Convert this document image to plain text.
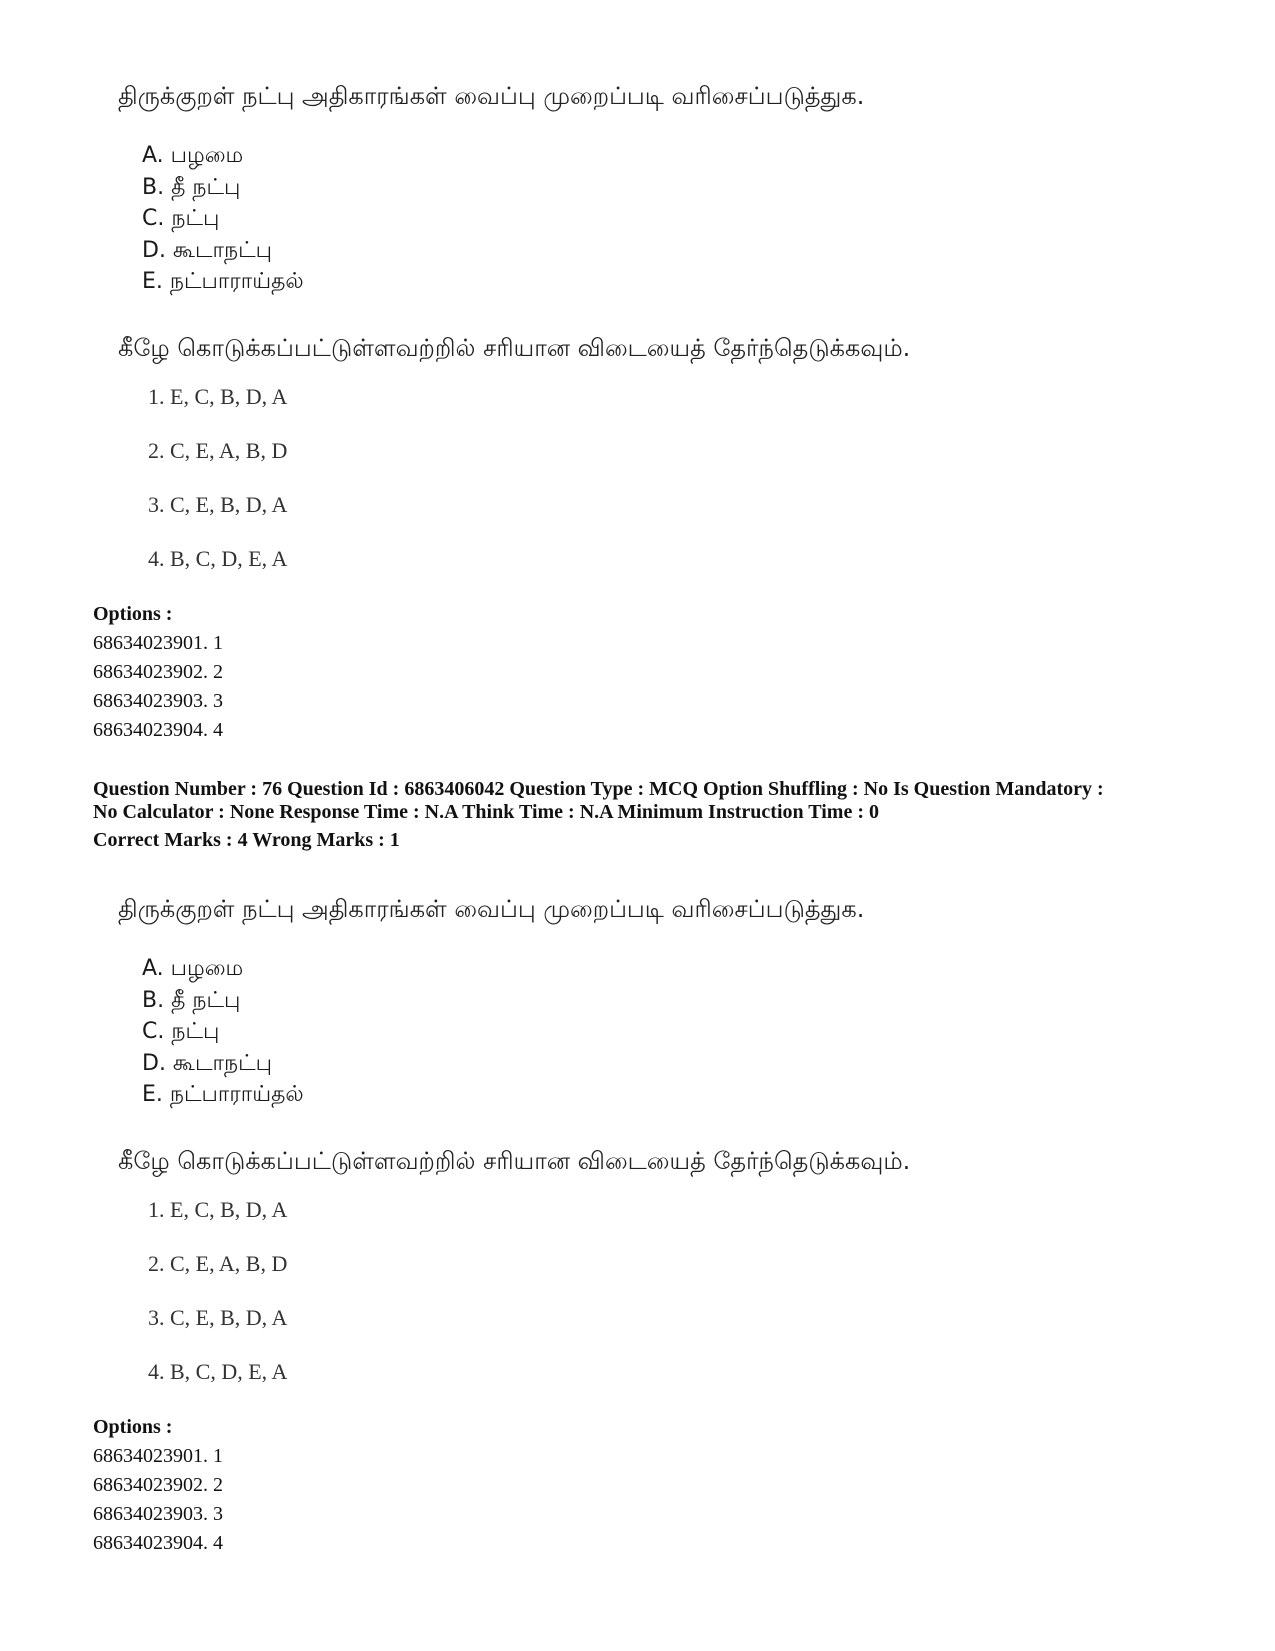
திருக்குறள் நட்பு அதிகாரங்கள் வைப்பு முறைப்படி வரிசைப்படுத்துக.
A. பழமை
B. தீ நட்பு
C. நட்பு
D. கூடாநட்பு
E. நட்பாராய்தல்
கீழே கொடுக்கப்பட்டுள்ளவற்றில் சரியான விடையைத் தேர்ந்தெடுக்கவும்.
1. E, C, B, D, A
2. C, E, A, B, D
3. C, E, B, D, A
4. B, C, D, E, A
Options :
68634023901. 1
68634023902. 2
68634023903. 3
68634023904. 4
Question Number : 76 Question Id : 6863406042 Question Type : MCQ Option Shuffling : No Is Question Mandatory :
No Calculator : None Response Time : N.A Think Time : N.A Minimum Instruction Time : 0
Correct Marks : 4 Wrong Marks : 1
திருக்குறள் நட்பு அதிகாரங்கள் வைப்பு முறைப்படி வரிசைப்படுத்துக.
A. பழமை
B. தீ நட்பு
C. நட்பு
D. கூடாநட்பு
E. நட்பாராய்தல்
கீழே கொடுக்கப்பட்டுள்ளவற்றில் சரியான விடையைத் தேர்ந்தெடுக்கவும்.
1. E, C, B, D, A
2. C, E, A, B, D
3. C, E, B, D, A
4. B, C, D, E, A
Options :
68634023901. 1
68634023902. 2
68634023903. 3
68634023904. 4
